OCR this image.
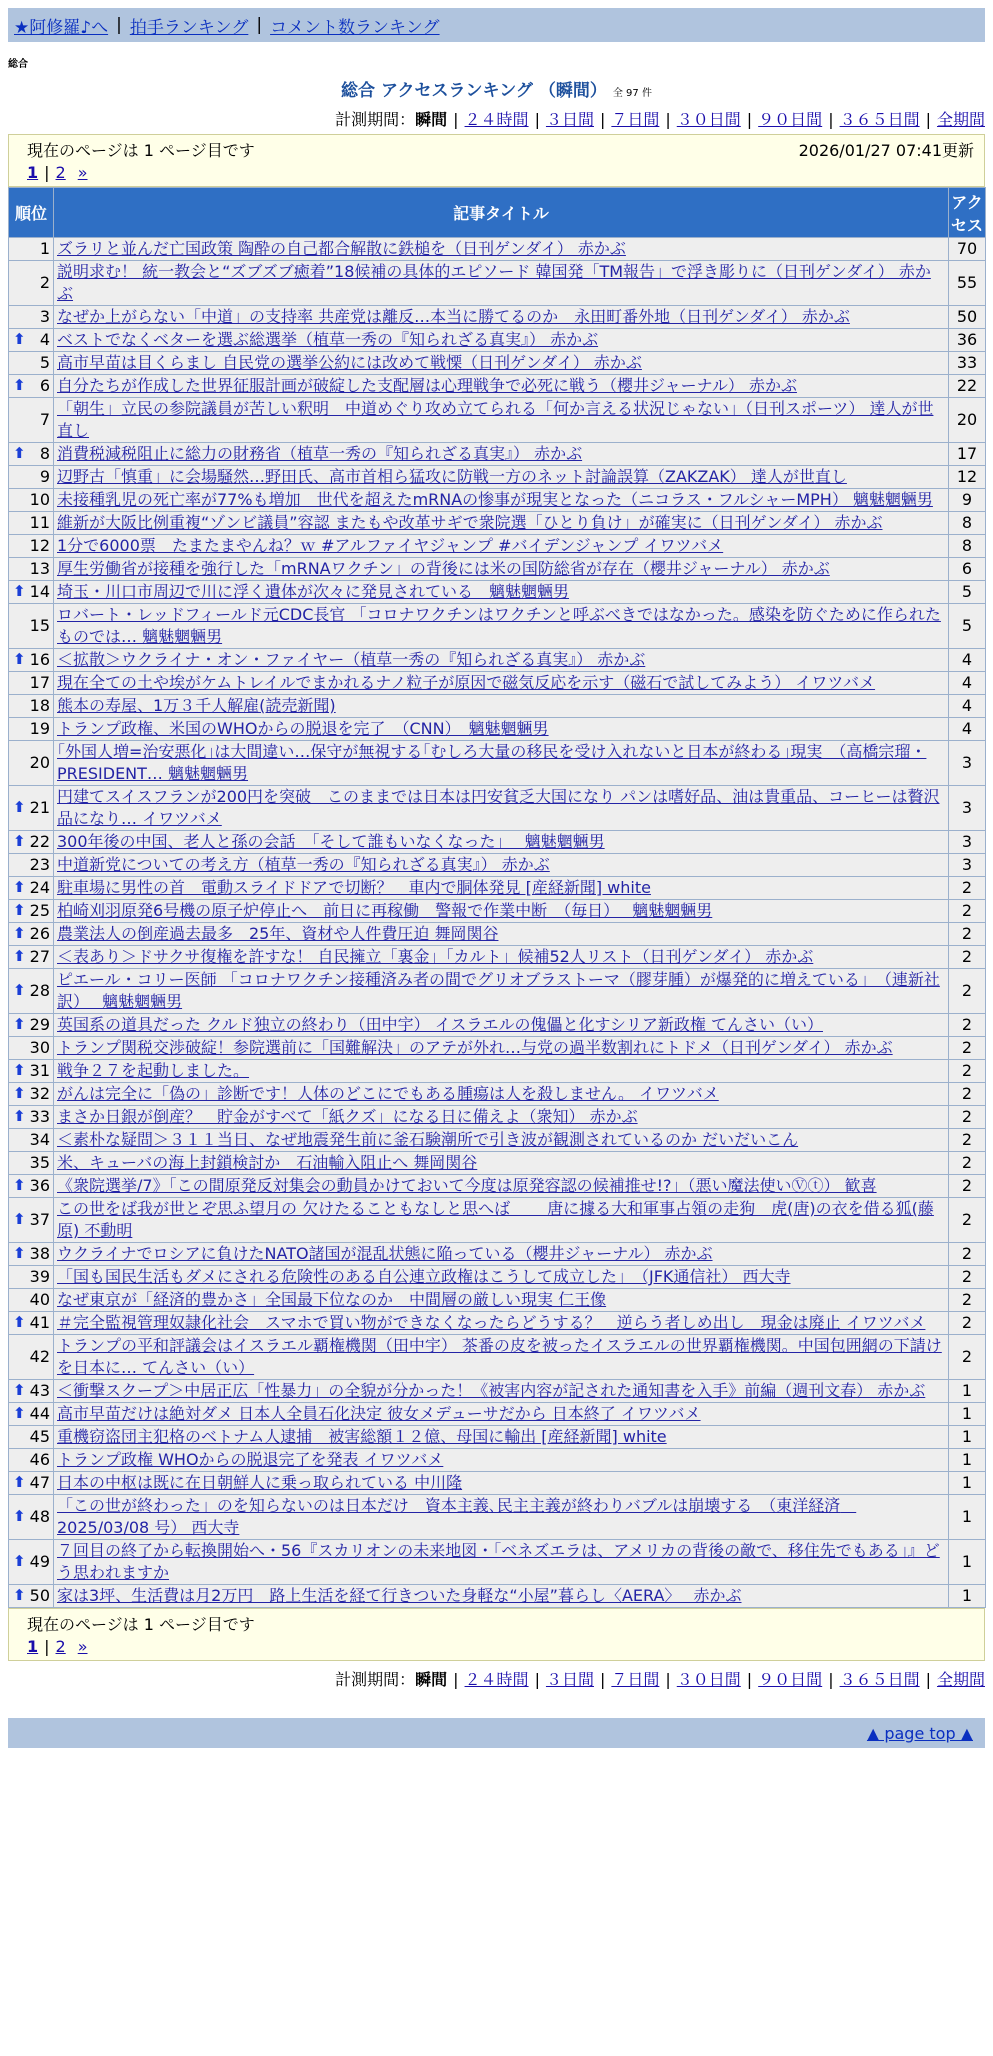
★阿修羅♪へ | 拍手ランキング | コメント数ランキング
総合
総合 アクセスランキング （瞬間） 全 97 件
計測期間：瞬間 | ２４時間 | ３日間 | ７日間 | ３０日間 | ９０日間 | ３６５日間 | 全期間
現在のページは 1 ページ目です	2026/01/27 07:41更新
1 | 2 »
順位	記事タイトル	アクセス
1	ズラリと並んだ亡国政策 陶酔の自己都合解散に鉄槌を（日刊ゲンダイ） 赤かぶ	70
2	説明求む！ 統一教会と“ズブズブ癒着”18候補の具体的エピソード 韓国発「TM報告」で浮き彫りに（日刊ゲンダイ） 赤かぶ	55
3	なぜか上がらない「中道」の支持率 共産党は離反…本当に勝てるのか　永田町番外地（日刊ゲンダイ） 赤かぶ	50

⬆ 4	ベストでなくベターを選ぶ総選挙（植草一秀の『知られざる真実』） 赤かぶ	36
5	高市早苗は目くらまし 自民党の選挙公約には改めて戦慄（日刊ゲンダイ） 赤かぶ	33

⬆ 6	自分たちが作成した世界征服計画が破綻した支配層は心理戦争で必死に戦う（櫻井ジャーナル） 赤かぶ	22
7	「朝生」立民の参院議員が苦しい釈明　中道めぐり攻め立てられる「何か言える状況じゃない」（日刊スポーツ） 達人が世直し	20

⬆ 8	消費税減税阻止に総力の財務省（植草一秀の『知られざる真実』） 赤かぶ	17
9	辺野古「慎重」に会場騒然…野田氏、高市首相ら猛攻に防戦一方のネット討論誤算（ZAKZAK） 達人が世直し	12
10	未接種乳児の死亡率が77%も増加　世代を超えたmRNAの惨事が現実となった（ニコラス・フルシャーMPH） 魑魅魍魎男	9
11	維新が大阪比例重複“ゾンビ議員”容認 またもや改革サギで衆院選「ひとり負け」が確実に（日刊ゲンダイ） 赤かぶ	8
12	1分で6000票　たまたまやんね？ｗ #アルファイヤジャンプ #バイデンジャンプ イワツバメ	8
13	厚生労働省が接種を強行した「mRNAワクチン」の背後には米の国防総省が存在（櫻井ジャーナル） 赤かぶ	6

⬆ 14	埼玉・川口市周辺で川に浮く遺体が次々に発見されている　魑魅魍魎男	5
15	ロバート・レッドフィールド元CDC長官 「コロナワクチンはワクチンと呼ぶべきではなかった。感染を防ぐために作られたものでは… 魑魅魍魎男	5

⬆ 16	＜拡散＞ウクライナ・オン・ファイヤー（植草一秀の『知られざる真実』） 赤かぶ	4
17	現在全ての土や埃がケムトレイルでまかれるナノ粒子が原因で磁気反応を示す（磁石で試してみよう） イワツバメ	4
18	熊本の寿屋、1万３千人解雇(読売新聞)	4
19	トランプ政権、米国のWHOからの脱退を完了　（CNN）　魑魅魍魎男	4
20	｢外国人増=治安悪化｣は大間違い…保守が無視する｢むしろ大量の移民を受け入れないと日本が終わる｣現実　（高橋宗瑠・PRESIDENT… 魑魅魍魎男	3

⬆ 21	円建てスイスフランが200円を突破　このままでは日本は円安貧乏大国になり パンは嗜好品、油は貴重品、コーヒーは贅沢品になり… イワツバメ	3

⬆ 22	300年後の中国、老人と孫の会話　「そして誰もいなくなった」　 魑魅魍魎男	3
23	中道新党についての考え方（植草一秀の『知られざる真実』） 赤かぶ	3

⬆ 24	駐車場に男性の首　電動スライドドアで切断？　車内で胴体発見 [産経新聞] white	2

⬆ 25	柏崎刈羽原発6号機の原子炉停止へ　前日に再稼働　警報で作業中断　（毎日）　 魑魅魍魎男	2

⬆ 26	農業法人の倒産過去最多　25年、資材や人件費圧迫 舞岡関谷	2

⬆ 27	＜表あり＞ドサクサ復権を許すな！ 自民擁立「裏金」「カルト」候補52人リスト（日刊ゲンダイ） 赤かぶ	2

⬆ 28	ピエール・コリー医師 「コロナワクチン接種済み者の間でグリオブラストーマ（膠芽腫）が爆発的に増えている」　（連新社訳）　 魑魅魍魎男	2

⬆ 29	英国系の道具だった クルド独立の終わり（田中宇） イスラエルの傀儡と化すシリア新政権 てんさい（い）	2
30	トランプ関税交渉破綻！参院選前に「国難解決」のアテが外れ…与党の過半数割れにトドメ（日刊ゲンダイ） 赤かぶ	2

⬆ 31	戦争２７を起動しました。	2

⬆ 32	がんは完全に「偽の」診断です！人体のどこにでもある腫瘍は人を殺しません。 イワツバメ	2

⬆ 33	まさか日銀が倒産？　貯金がすべて「紙クズ」になる日に備えよ（衆知） 赤かぶ	2
34	＜素朴な疑問＞３１１当日、なぜ地震発生前に釜石験潮所で引き波が観測されているのか だいだいこん	2
35	米、キューバの海上封鎖検討か　石油輸入阻止へ 舞岡関谷	2

⬆ 36	《衆院選挙/7》「この間原発反対集会の動員かけておいて今度は原発容認の候補推せ!?」（悪い魔法使いⓋⓣ） 歓喜	2

⬆ 37	この世をば我が世とぞ思ふ望月の 欠けたることもなしと思へば　　 唐に據る大和軍事占領の走狗　虎(唐)の衣を借る狐(藤原) 不動明	2

⬆ 38	ウクライナでロシアに負けたNATO諸国が混乱状態に陥っている（櫻井ジャーナル） 赤かぶ	2
39	「国も国民生活もダメにされる危険性のある自公連立政権はこうして成立した」　（JFK通信社） 西大寺	2
40	なぜ東京が「経済的豊かさ」全国最下位なのか　中間層の厳しい現実 仁王像	2

⬆ 41	＃完全監視管理奴隷化社会　スマホで買い物ができなくなったらどうする？　逆らう者しめ出し　現金は廃止 イワツバメ	2
42	トランプの平和評議会はイスラエル覇権機関（田中宇） 茶番の皮を被ったイスラエルの世界覇権機関。中国包囲網の下請けを日本に… てんさい（い）	2

⬆ 43	＜衝撃スクープ＞中居正広「性暴力」の全貌が分かった！《被害内容が記された通知書を入手》前編（週刊文春） 赤かぶ	1

⬆ 44	高市早苗だけは絶対ダメ 日本人全員石化決定 彼女メデューサだから 日本終了 イワツバメ	1
45	重機窃盗団主犯格のベトナム人逮捕　被害総額１２億、母国に輸出 [産経新聞] white	1
46	トランプ政権 WHOからの脱退完了を発表 イワツバメ	1

⬆ 47	日本の中枢は既に在日朝鮮人に乗っ取られている 中川隆	1

⬆ 48	「この世が終わった」のを知らないのは日本だけ　資本主義､民主主義が終わりバブルは崩壊する　（東洋経済　2025/03/08 号） 西大寺	1

⬆ 49	７回目の終了から転換開始へ・56『スカリオンの未来地図・「ベネズエラは、アメリカの背後の敵で、移住先でもある」』どう思われますか	1

⬆ 50	家は3坪、生活費は月2万円　路上生活を経て行きついた身軽な“小屋”暮らし〈AERA〉　 赤かぶ	1
現在のページは 1 ページ目です
1 | 2 »
計測期間：瞬間 | ２４時間 | ３日間 | ７日間 | ３０日間 | ９０日間 | ３６５日間 | 全期間
▲ page top ▲
